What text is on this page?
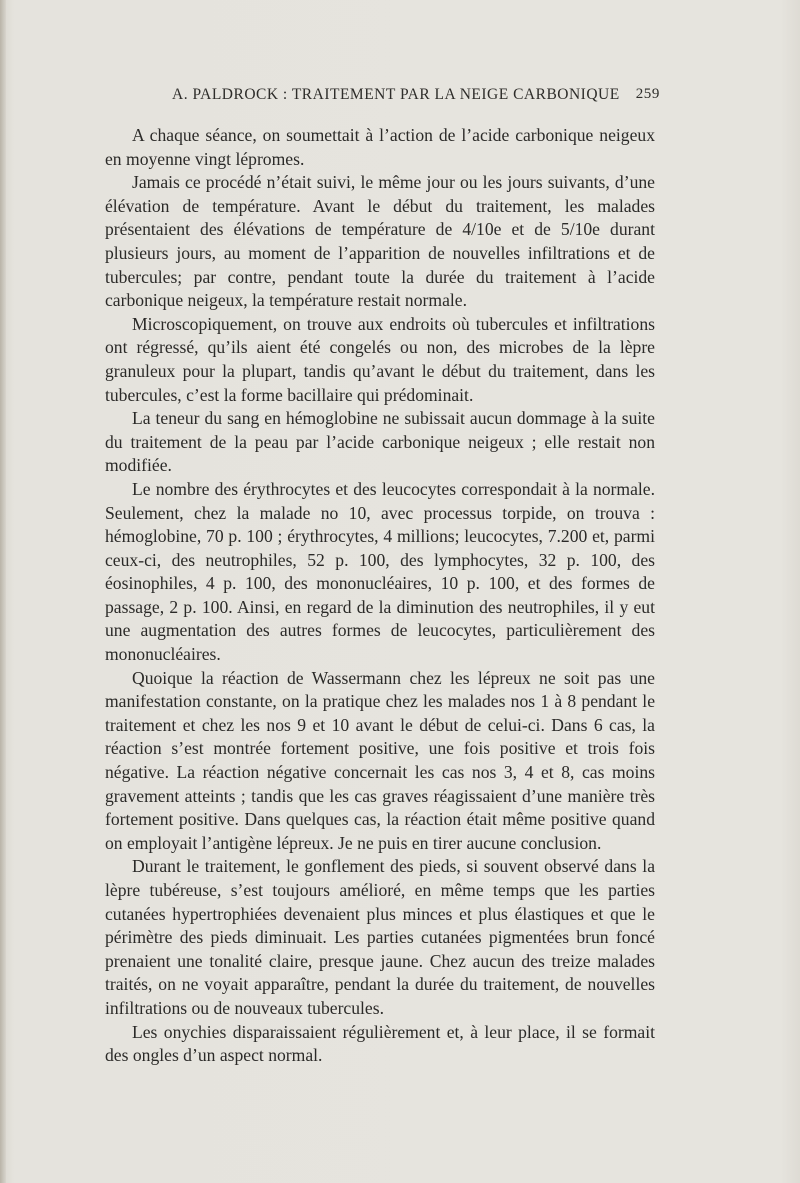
A. PALDROCK : TRAITEMENT PAR LA NEIGE CARBONIQUE 259

A chaque séance, on soumettait à l’action de l’acide carbonique neigeux en moyenne vingt lépromes.

Jamais ce procédé n’était suivi, le même jour ou les jours suivants, d’une élévation de température. Avant le début du traitement, les malades présentaient des élévations de température de 4/10e et de 5/10e durant plusieurs jours, au moment de l’apparition de nouvelles infiltrations et de tubercules; par contre, pendant toute la durée du traitement à l’acide carbonique neigeux, la température restait normale.

Microscopiquement, on trouve aux endroits où tubercules et infiltrations ont régressé, qu’ils aient été congelés ou non, des microbes de la lèpre granuleux pour la plupart, tandis qu’avant le début du traitement, dans les tubercules, c’est la forme bacillaire qui prédominait.

La teneur du sang en hémoglobine ne subissait aucun dommage à la suite du traitement de la peau par l’acide carbonique neigeux ; elle restait non modifiée.

Le nombre des érythrocytes et des leucocytes correspondait à la normale. Seulement, chez la malade no 10, avec processus torpide, on trouva : hémoglobine, 70 p. 100 ; érythrocytes, 4 millions; leucocytes, 7.200 et, parmi ceux-ci, des neutrophiles, 52 p. 100, des lymphocytes, 32 p. 100, des éosinophiles, 4 p. 100, des mononucléaires, 10 p. 100, et des formes de passage, 2 p. 100. Ainsi, en regard de la diminution des neutrophiles, il y eut une augmentation des autres formes de leucocytes, particulièrement des mononucléaires.

Quoique la réaction de Wassermann chez les lépreux ne soit pas une manifestation constante, on la pratique chez les malades nos 1 à 8 pendant le traitement et chez les nos 9 et 10 avant le début de celui-ci. Dans 6 cas, la réaction s’est montrée fortement positive, une fois positive et trois fois négative. La réaction négative concernait les cas nos 3, 4 et 8, cas moins gravement atteints ; tandis que les cas graves réagissaient d’une manière très fortement positive. Dans quelques cas, la réaction était même positive quand on employait l’antigène lépreux. Je ne puis en tirer aucune conclusion.

Durant le traitement, le gonflement des pieds, si souvent observé dans la lèpre tubéreuse, s’est toujours amélioré, en même temps que les parties cutanées hypertrophiées devenaient plus minces et plus élastiques et que le périmètre des pieds diminuait. Les parties cutanées pigmentées brun foncé prenaient une tonalité claire, presque jaune. Chez aucun des treize malades traités, on ne voyait apparaître, pendant la durée du traitement, de nouvelles infiltrations ou de nouveaux tubercules.

Les onychies disparaissaient régulièrement et, à leur place, il se formait des ongles d’un aspect normal.
